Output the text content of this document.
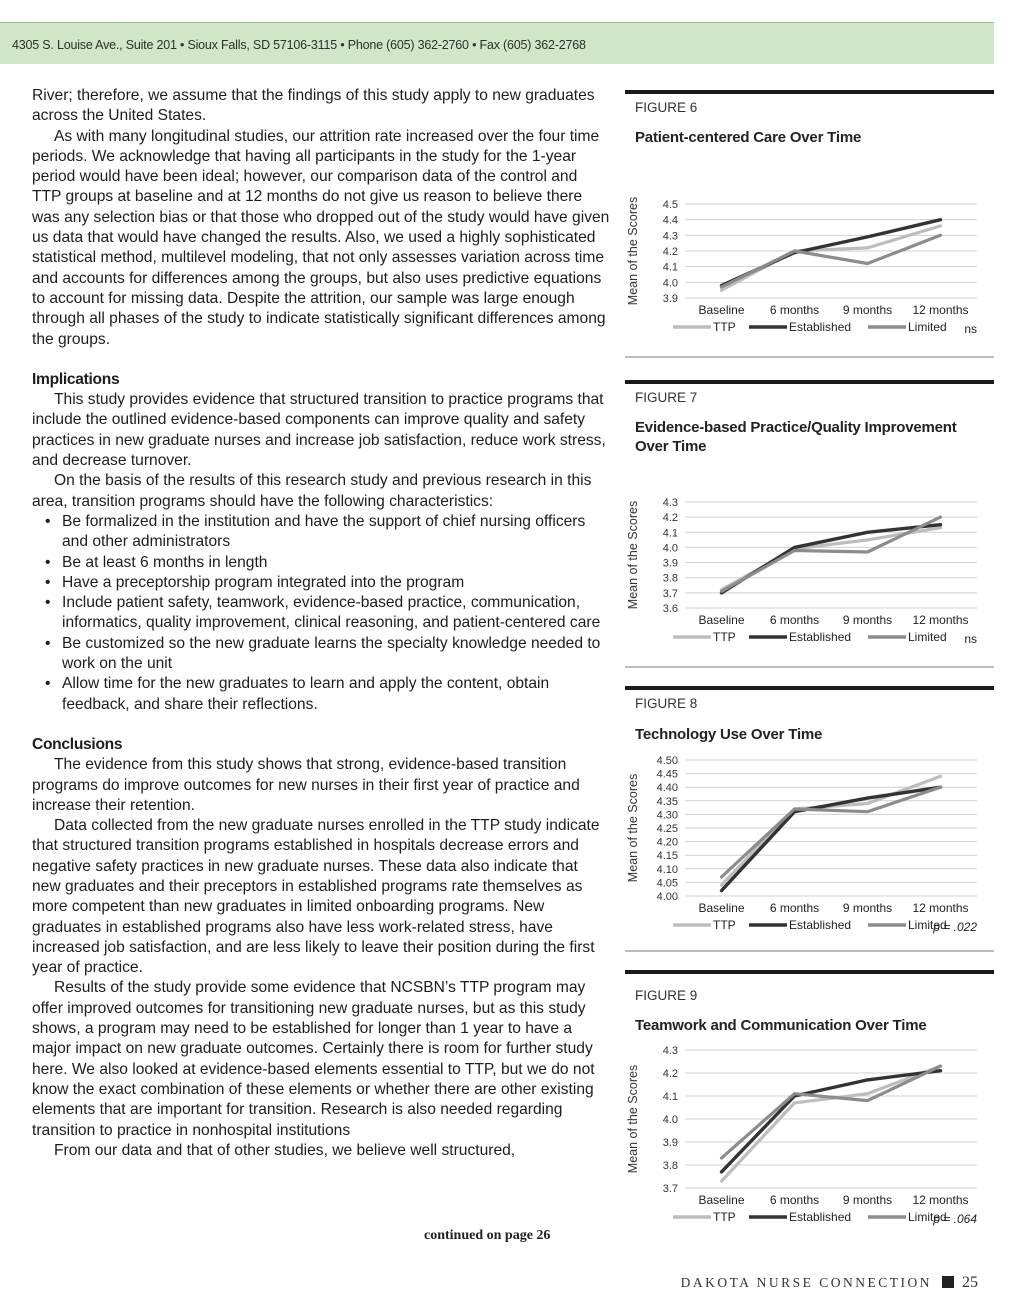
4305 S. Louise Ave., Suite 201 • Sioux Falls, SD 57106-3115 • Phone (605) 362-2760 • Fax (605) 362-2768

River; therefore, we assume that the findings of this study apply to new graduates across the United States.

As with many longitudinal studies, our attrition rate increased over the four time periods. We acknowledge that having all participants in the study for the 1-year period would have been ideal; however, our comparison data of the control and TTP groups at baseline and at 12 months do not give us reason to believe there was any selection bias or that those who dropped out of the study would have given us data that would have changed the results. Also, we used a highly sophisticated statistical method, multilevel modeling, that not only assesses variation across time and accounts for differences among the groups, but also uses predictive equations to account for missing data. Despite the attrition, our sample was large enough through all phases of the study to indicate statistically significant differences among the groups.

Implications

This study provides evidence that structured transition to practice programs that include the outlined evidence-based components can improve quality and safety practices in new graduate nurses and increase job satisfaction, reduce work stress, and decrease turnover.

On the basis of the results of this research study and previous research in this area, transition programs should have the following characteristics:

• Be formalized in the institution and have the support of chief nursing officers and other administrators
• Be at least 6 months in length
• Have a preceptorship program integrated into the program
• Include patient safety, teamwork, evidence-based practice, communication, informatics, quality improvement, clinical reasoning, and patient-centered care
• Be customized so the new graduate learns the specialty knowledge needed to work on the unit
• Allow time for the new graduates to learn and apply the content, obtain feedback, and share their reflections.
Conclusions

The evidence from this study shows that strong, evidence-based transition programs do improve outcomes for new nurses in their first year of practice and increase their retention.

Data collected from the new graduate nurses enrolled in the TTP study indicate that structured transition programs established in hospitals decrease errors and negative safety practices in new graduate nurses. These data also indicate that new graduates and their preceptors in established programs rate themselves as more competent than new graduates in limited onboarding programs. New graduates in established programs also have less work-related stress, have increased job satisfaction, and are less likely to leave their position during the first year of practice.

Results of the study provide some evidence that NCSBN’s TTP program may offer improved outcomes for transitioning new graduate nurses, but as this study shows, a program may need to be established for longer than 1 year to have a major impact on new graduate outcomes. Certainly there is room for further study here. We also looked at evidence-based elements essential to TTP, but we do not know the exact combination of these elements or whether there are other existing elements that are important for transition. Research is also needed regarding transition to practice in nonhospital institutions

From our data and that of other studies, we believe well structured,

continued on page 26
DAKOTA NURSE CONNECTION 25
FIGURE 6
Patient-centered Care Over Time
4.5
4.4
4.3
4.2
4.1
4.0
3.9
Mean of the Scores
Baseline 6 months 9 months 12 months
TTP	Established	Limited ns
FIGURE 7
Evidence-based Practice/Quality Improvement Over Time
4.3
4.2
4.1
4.0
3.9
3.8
3.7
3.6
Mean of the Scores
Baseline 6 months 9 months 12 months
TTP	Established	Limited ns
FIGURE 8
Technology Use Over Time
4.50
4.45
4.40
4.35
4.30
4.25
4.20
4.15
4.10
4.05
4.00
Mean of the Scores
Baseline 6 months 9 months 12 months
TTP	Established	Limited
p = .022
FIGURE 9
Teamwork and Communication Over Time
4.3
4.2
4.1
4.0
3.9
3.8
3.7
Mean of the Scores
Baseline 6 months 9 months 12 months
TTP	Established	Limited
p = .064
